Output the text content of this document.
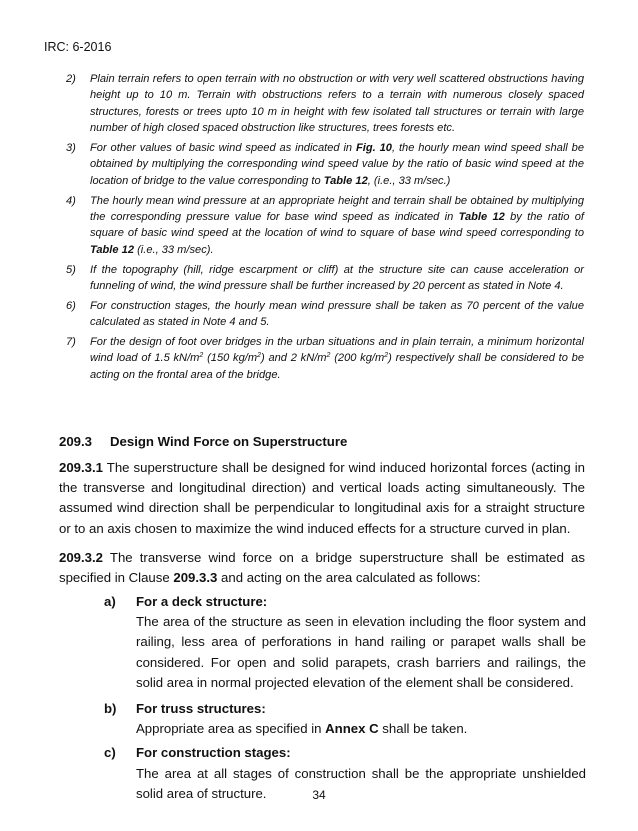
IRC: 6-2016
2) Plain terrain refers to open terrain with no obstruction or with very well scattered obstructions having height up to 10 m. Terrain with obstructions refers to a terrain with numerous closely spaced structures, forests or trees upto 10 m in height with few isolated tall structures or terrain with large number of high closed spaced obstruction like structures, trees forests etc.
3) For other values of basic wind speed as indicated in Fig. 10, the hourly mean wind speed shall be obtained by multiplying the corresponding wind speed value by the ratio of basic wind speed at the location of bridge to the value corresponding to Table 12, (i.e., 33 m/sec.)
4) The hourly mean wind pressure at an appropriate height and terrain shall be obtained by multiplying the corresponding pressure value for base wind speed as indicated in Table 12 by the ratio of square of basic wind speed at the location of wind to square of base wind speed corresponding to Table 12 (i.e., 33 m/sec).
5) If the topography (hill, ridge escarpment or cliff) at the structure site can cause acceleration or funneling of wind, the wind pressure shall be further increased by 20 percent as stated in Note 4.
6) For construction stages, the hourly mean wind pressure shall be taken as 70 percent of the value calculated as stated in Note 4 and 5.
7) For the design of foot over bridges in the urban situations and in plain terrain, a minimum horizontal wind load of 1.5 $kN/m^2$ (150 $kg/m^2$) and 2 $kN/m^2$ (200 $kg/m^2$) respectively shall be considered to be acting on the frontal area of the bridge.
209.3 Design Wind Force on Superstructure
209.3.1 The superstructure shall be designed for wind induced horizontal forces (acting in the transverse and longitudinal direction) and vertical loads acting simultaneously. The assumed wind direction shall be perpendicular to longitudinal axis for a straight structure or to an axis chosen to maximize the wind induced effects for a structure curved in plan.
209.3.2 The transverse wind force on a bridge superstructure shall be estimated as specified in Clause 209.3.3 and acting on the area calculated as follows:
a) For a deck structure:
The area of the structure as seen in elevation including the floor system and railing, less area of perforations in hand railing or parapet walls shall be considered. For open and solid parapets, crash barriers and railings, the solid area in normal projected elevation of the element shall be considered.
b) For truss structures:
Appropriate area as specified in Annex C shall be taken.
c) For construction stages:
The area at all stages of construction shall be the appropriate unshielded solid area of structure.	34
